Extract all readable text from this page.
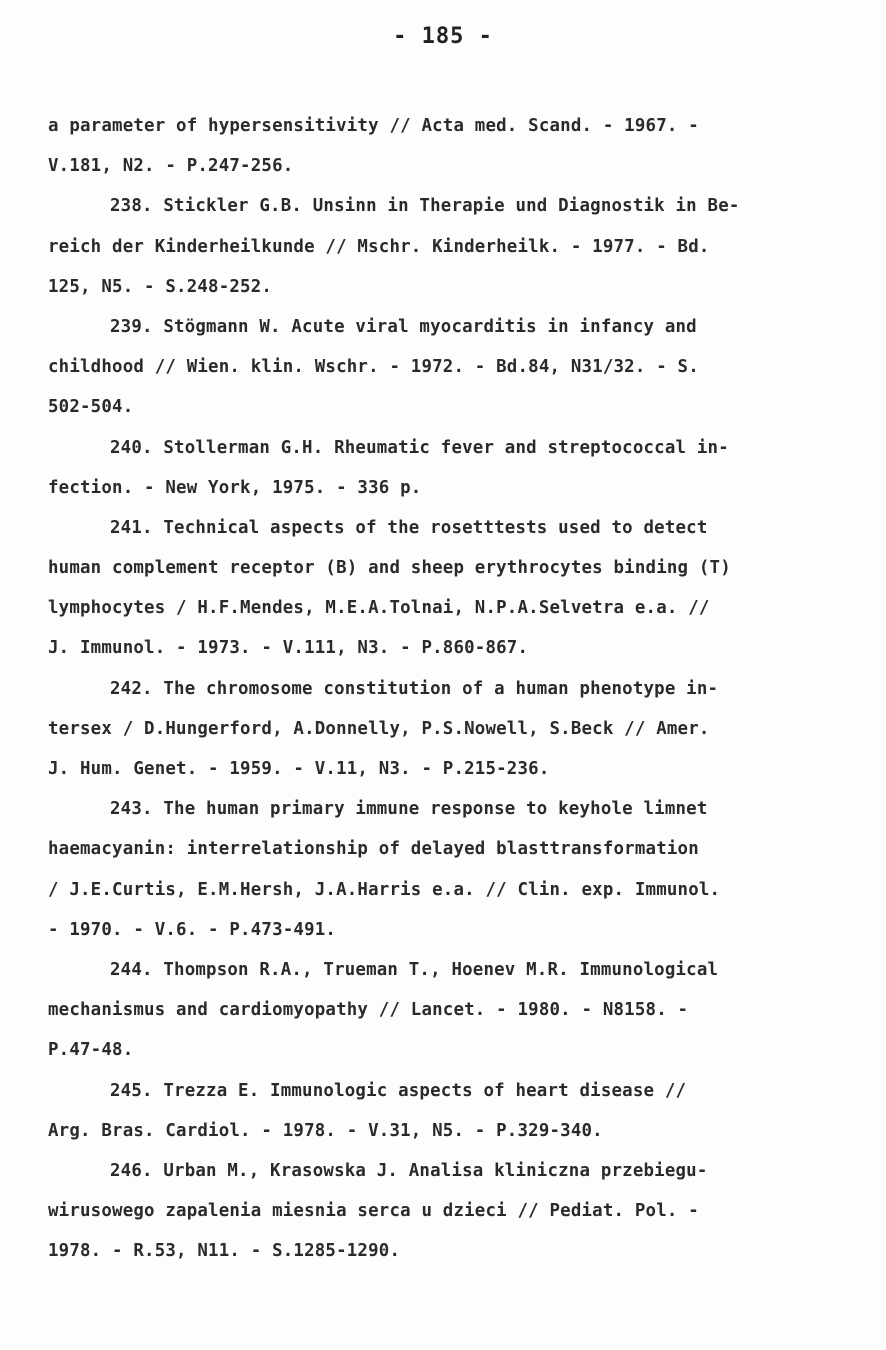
- 185 -
a parameter of hypersensitivity // Acta med. Scand. - 1967. -
V.181, N2. - P.247-256.
238. Stickler G.B. Unsinn in Therapie und Diagnostik in Be-
reich der Kinderheilkunde // Mschr. Kinderheilk. - 1977. - Bd.
125, N5. - S.248-252.
239. Stögmann W. Acute viral myocarditis in infancy and
childhood // Wien. klin. Wschr. - 1972. - Bd.84, N31/32. - S.
502-504.
240. Stollerman G.H. Rheumatic fever and streptococcal in-
fection. - New York, 1975. - 336 p.
241. Technical aspects of the rosetttests used to detect
human complement receptor (B) and sheep erythrocytes binding (T)
lymphocytes / H.F.Mendes, M.E.A.Tolnai, N.P.A.Selvetra e.a. //
J. Immunol. - 1973. - V.111, N3. - P.860-867.
242. The chromosome constitution of a human phenotype in-
tersex / D.Hungerford, A.Donnelly, P.S.Nowell, S.Beck // Amer.
J. Hum. Genet. - 1959. - V.11, N3. - P.215-236.
243. The human primary immune response to keyhole limnet
haemacyanin: interrelationship of delayed blasttransformation
/ J.E.Curtis, E.M.Hersh, J.A.Harris e.a. // Clin. exp. Immunol.
- 1970. - V.6. - P.473-491.
244. Thompson R.A., Trueman T., Hoenev M.R. Immunological
mechanismus and cardiomyopathy // Lancet. - 1980. - N8158. -
P.47-48.
245. Trezza E. Immunologic aspects of heart disease //
Arg. Bras. Cardiol. - 1978. - V.31, N5. - P.329-340.
246. Urban M., Krasowska J. Analisa kliniczna przebiegu-
wirusowego zapalenia miesnia serca u dzieci // Pediat. Pol. -
1978. - R.53, N11. - S.1285-1290.
